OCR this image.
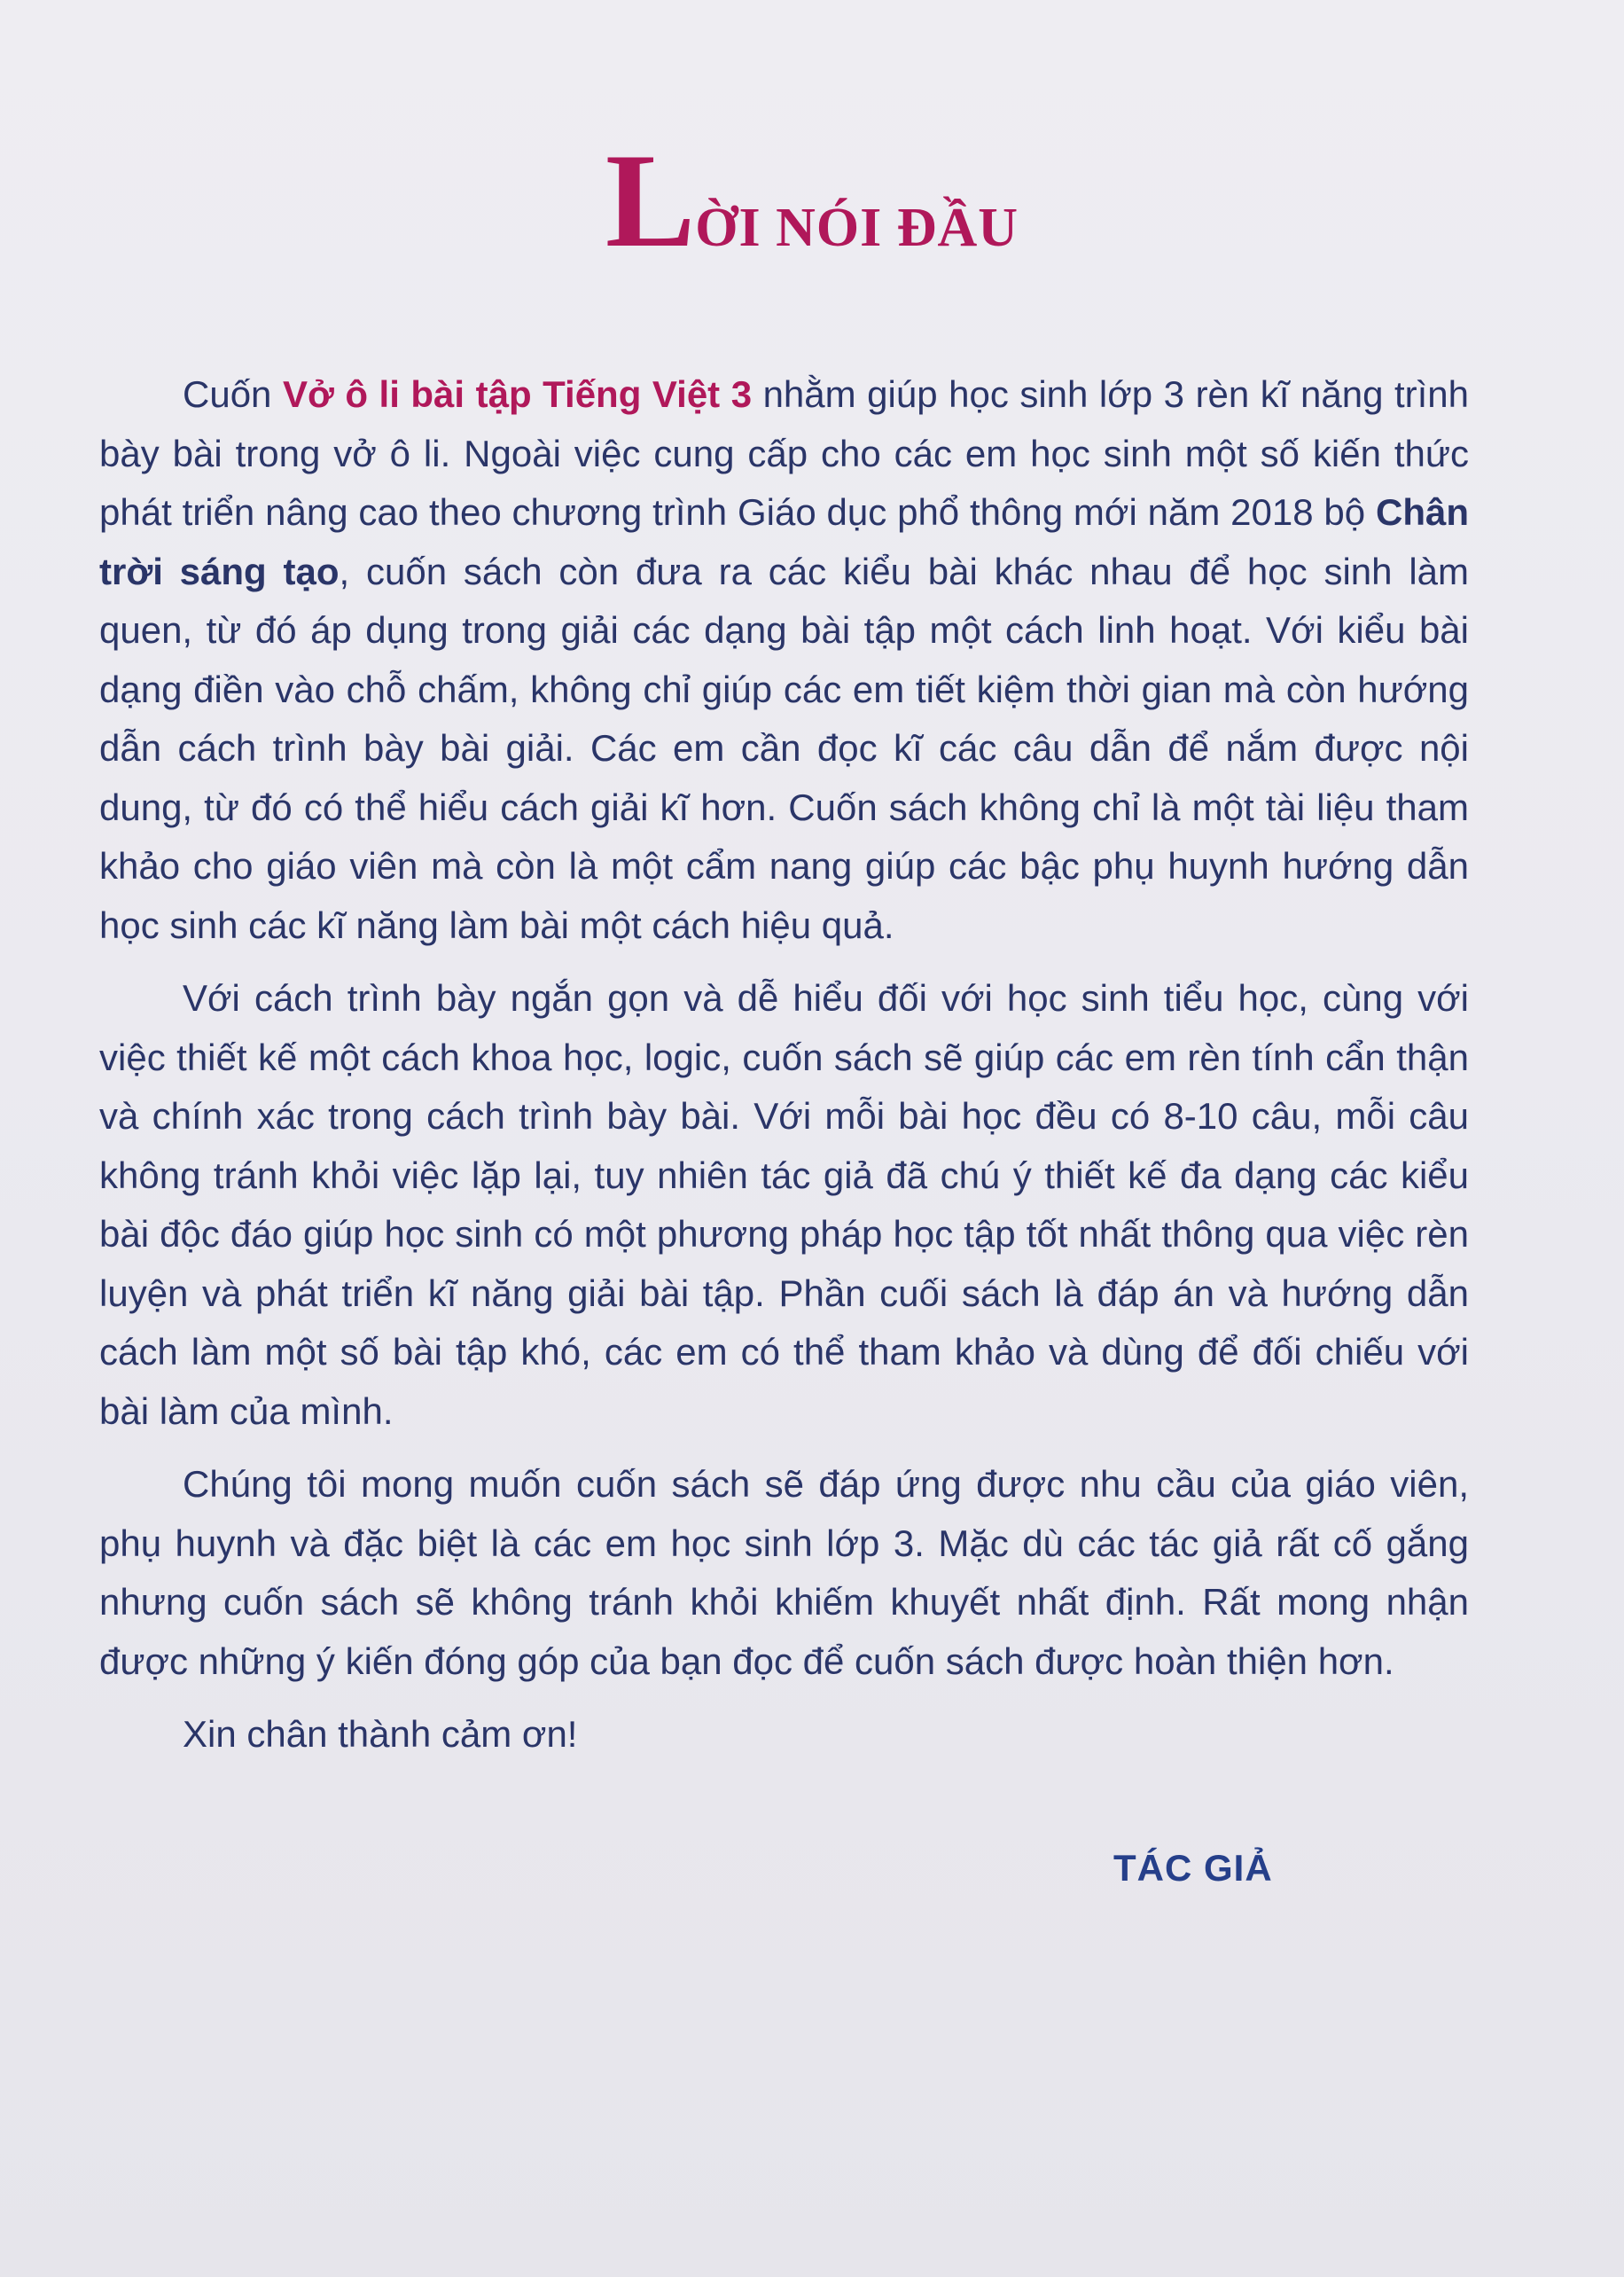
LỜI NÓI ĐẦU

Cuốn Vở ô li bài tập Tiếng Việt 3 nhằm giúp học sinh lớp 3 rèn kĩ năng trình bày bài trong vở ô li. Ngoài việc cung cấp cho các em học sinh một số kiến thức phát triển nâng cao theo chương trình Giáo dục phổ thông mới năm 2018 bộ Chân trời sáng tạo, cuốn sách còn đưa ra các kiểu bài khác nhau để học sinh làm quen, từ đó áp dụng trong giải các dạng bài tập một cách linh hoạt. Với kiểu bài dạng điền vào chỗ chấm, không chỉ giúp các em tiết kiệm thời gian mà còn hướng dẫn cách trình bày bài giải. Các em cần đọc kĩ các câu dẫn để nắm được nội dung, từ đó có thể hiểu cách giải kĩ hơn. Cuốn sách không chỉ là một tài liệu tham khảo cho giáo viên mà còn là một cẩm nang giúp các bậc phụ huynh hướng dẫn học sinh các kĩ năng làm bài một cách hiệu quả.

Với cách trình bày ngắn gọn và dễ hiểu đối với học sinh tiểu học, cùng với việc thiết kế một cách khoa học, logic, cuốn sách sẽ giúp các em rèn tính cẩn thận và chính xác trong cách trình bày bài. Với mỗi bài học đều có 8-10 câu, mỗi câu không tránh khỏi việc lặp lại, tuy nhiên tác giả đã chú ý thiết kế đa dạng các kiểu bài độc đáo giúp học sinh có một phương pháp học tập tốt nhất thông qua việc rèn luyện và phát triển kĩ năng giải bài tập. Phần cuối sách là đáp án và hướng dẫn cách làm một số bài tập khó, các em có thể tham khảo và dùng để đối chiếu với bài làm của mình.

Chúng tôi mong muốn cuốn sách sẽ đáp ứng được nhu cầu của giáo viên, phụ huynh và đặc biệt là các em học sinh lớp 3. Mặc dù các tác giả rất cố gắng nhưng cuốn sách sẽ không tránh khỏi khiếm khuyết nhất định. Rất mong nhận được những ý kiến đóng góp của bạn đọc để cuốn sách được hoàn thiện hơn.

Xin chân thành cảm ơn!

TÁC GIẢ
